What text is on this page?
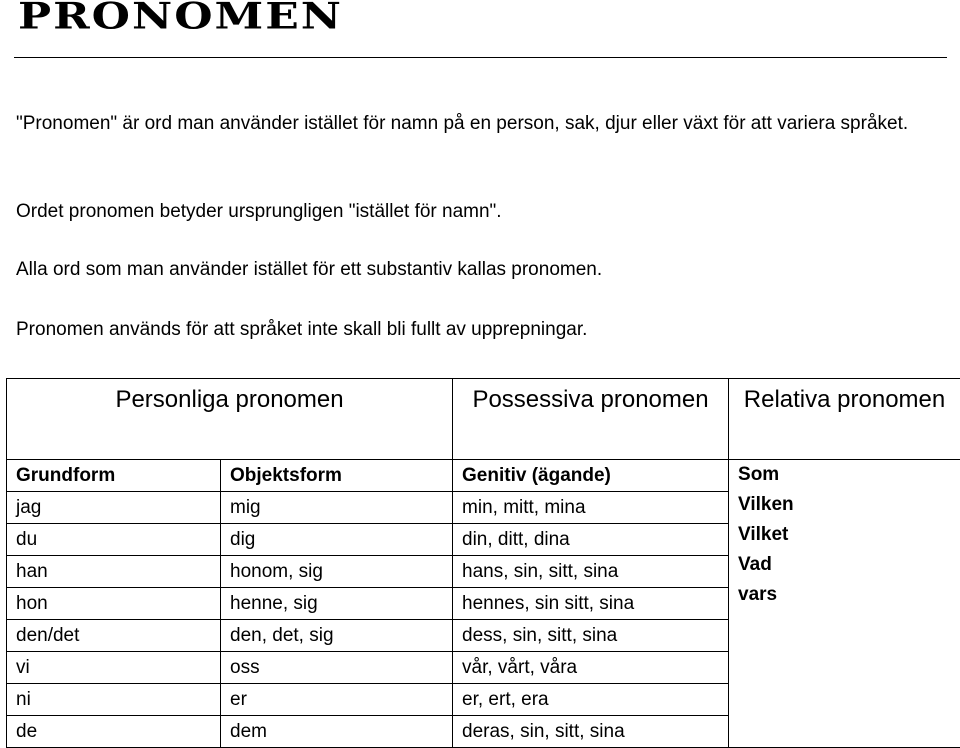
PRONOMEN

"Pronomen" är ord man använder istället för namn på en person, sak, djur eller växt för att variera språket.

Ordet pronomen betyder ursprungligen "istället för namn".

Alla ord som man använder istället för ett substantiv kallas pronomen.

Pronomen används för att språket inte skall bli fullt av upprepningar.

Personliga pronomen		Possessiva pronomen	Relativa pronomen
Grundform	Objektsform	Genitiv (ägande)	Som
Vilken
Vilket
Vad
vars

jag	mig	min, mitt, mina	
du	dig	din, ditt, dina	
han	honom, sig	hans, sin, sitt, sina	
hon	henne, sig	hennes, sin sitt, sina	
den/det	den, det, sig	dess, sin, sitt, sina	
vi	oss	vår, vårt, våra	
ni	er	er, ert, era	
de	dem	deras, sin, sitt, sina	
